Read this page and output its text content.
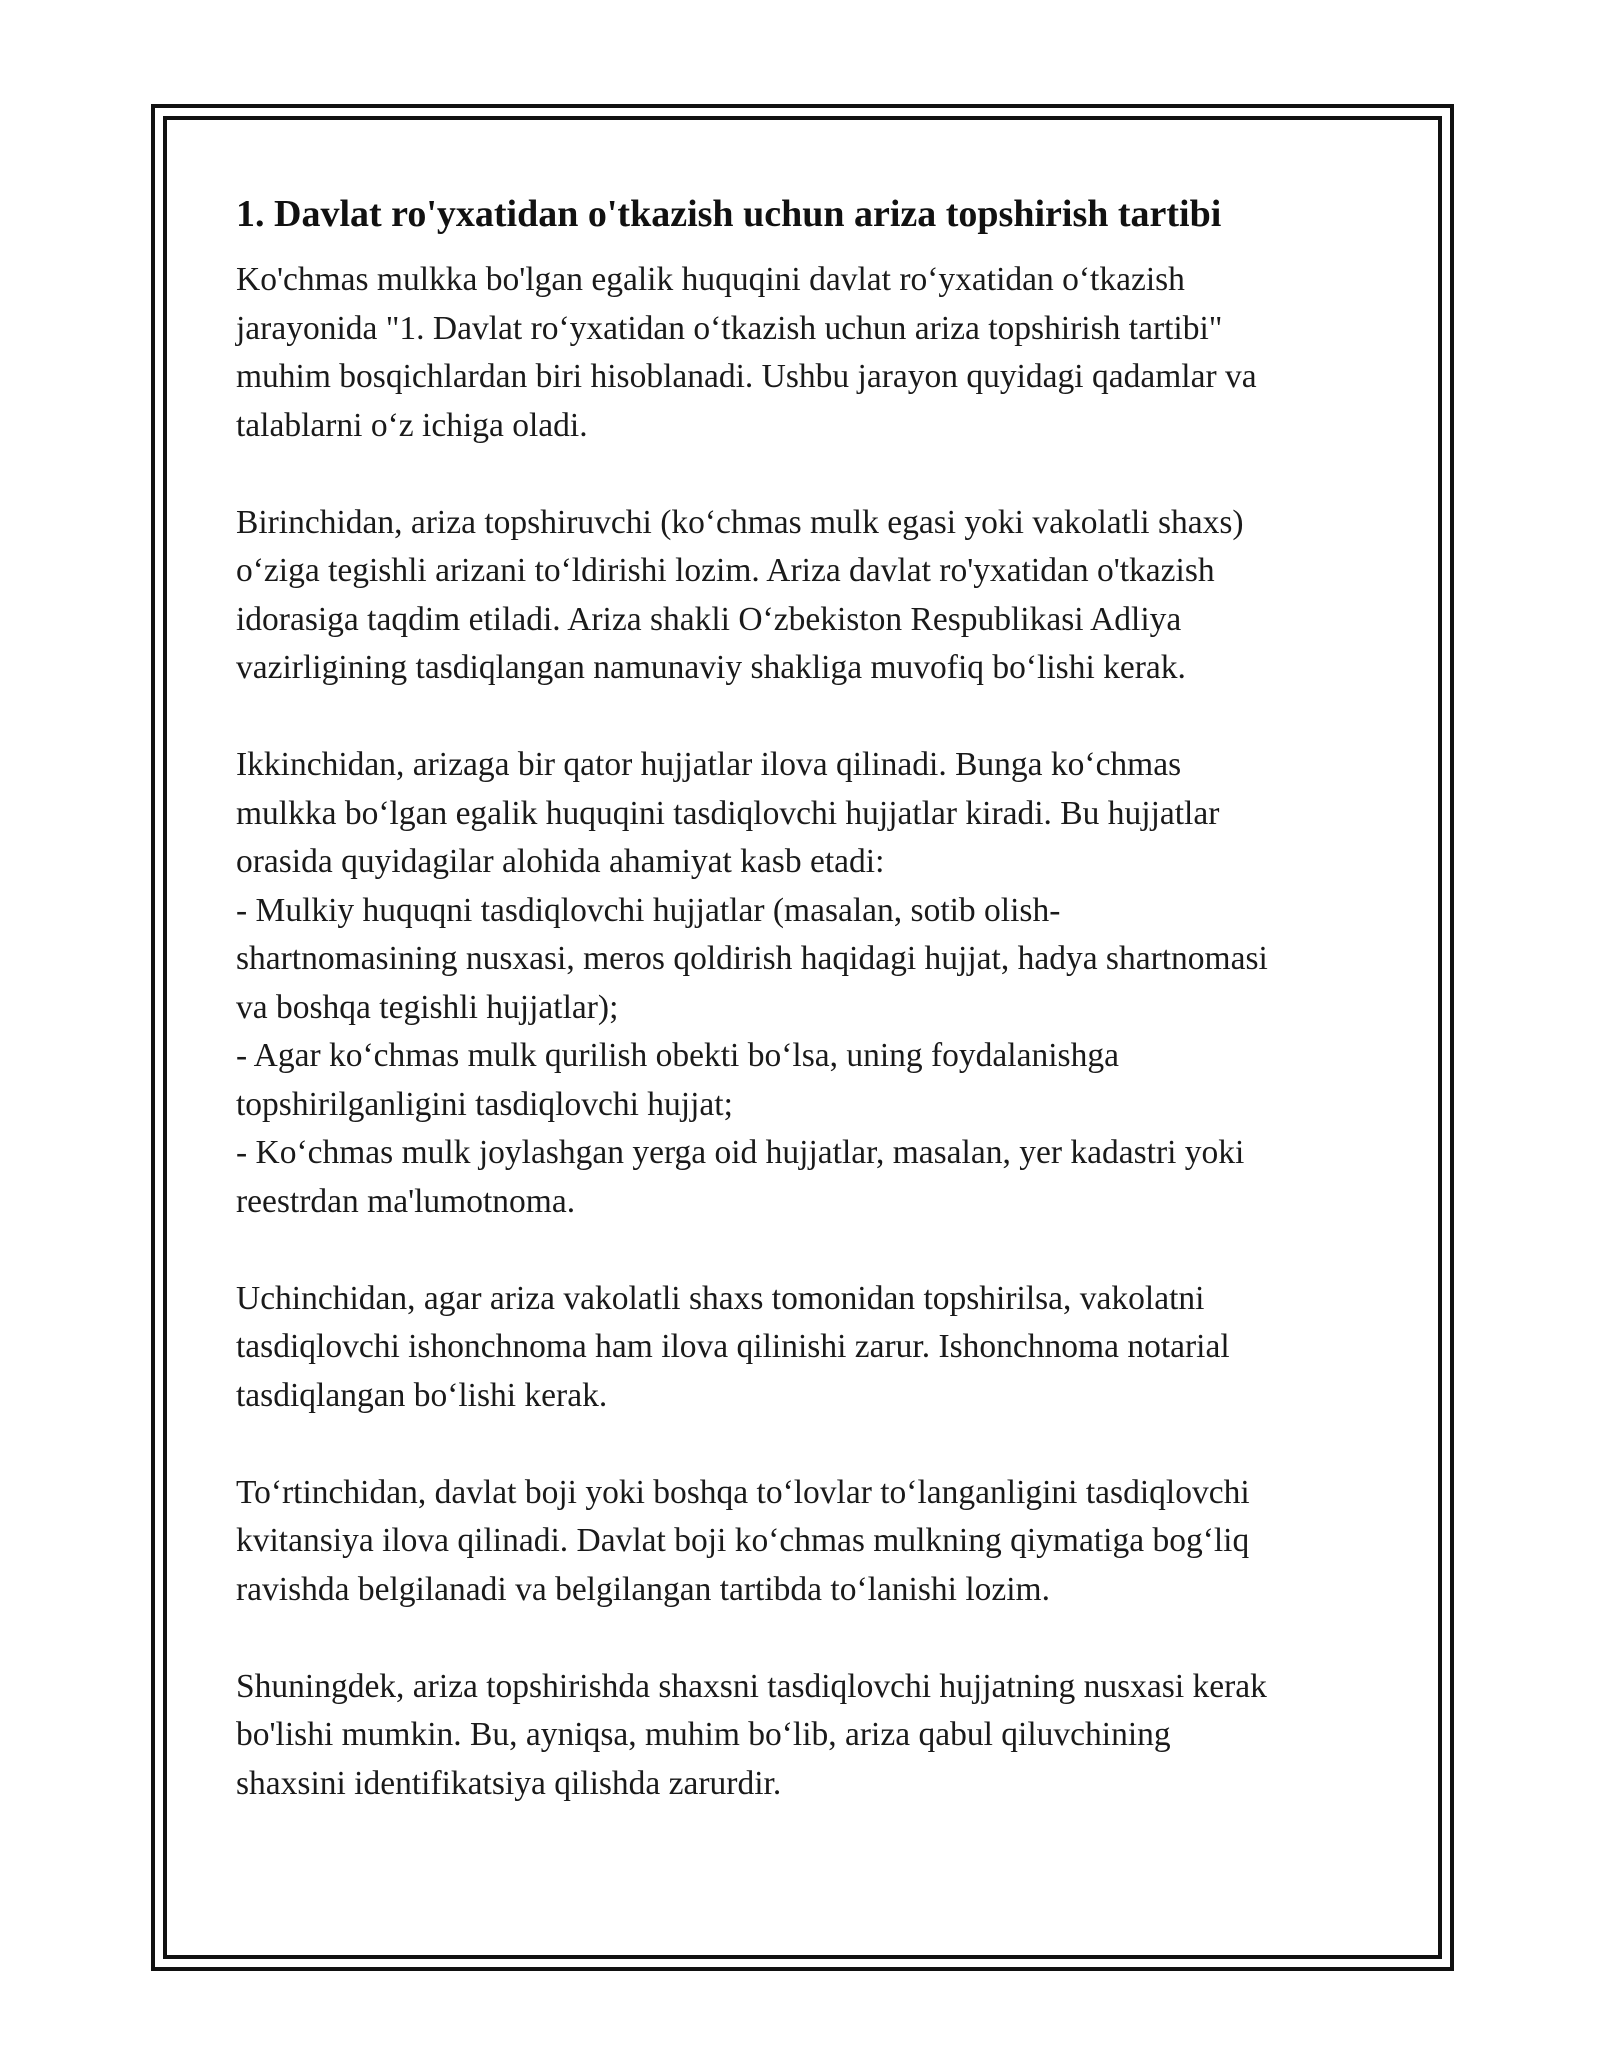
1. Davlat ro'yxatidan o'tkazish uchun ariza topshirish tartibi

Ko'chmas mulkka bo'lgan egalik huquqini davlat ro‘yxatidan o‘tkazish
jarayonida "1. Davlat ro‘yxatidan o‘tkazish uchun ariza topshirish tartibi"
muhim bosqichlardan biri hisoblanadi. Ushbu jarayon quyidagi qadamlar va
talablarni o‘z ichiga oladi.

Birinchidan, ariza topshiruvchi (ko‘chmas mulk egasi yoki vakolatli shaxs)
o‘ziga tegishli arizani to‘ldirishi lozim. Ariza davlat ro'yxatidan o'tkazish
idorasiga taqdim etiladi. Ariza shakli O‘zbekiston Respublikasi Adliya
vazirligining tasdiqlangan namunaviy shakliga muvofiq bo‘lishi kerak.

Ikkinchidan, arizaga bir qator hujjatlar ilova qilinadi. Bunga ko‘chmas
mulkka bo‘lgan egalik huquqini tasdiqlovchi hujjatlar kiradi. Bu hujjatlar
orasida quyidagilar alohida ahamiyat kasb etadi:
- Mulkiy huquqni tasdiqlovchi hujjatlar (masalan, sotib olish-
shartnomasining nusxasi, meros qoldirish haqidagi hujjat, hadya shartnomasi
va boshqa tegishli hujjatlar);
- Agar ko‘chmas mulk qurilish obekti bo‘lsa, uning foydalanishga
topshirilganligini tasdiqlovchi hujjat;
- Ko‘chmas mulk joylashgan yerga oid hujjatlar, masalan, yer kadastri yoki
reestrdan ma'lumotnoma.

Uchinchidan, agar ariza vakolatli shaxs tomonidan topshirilsa, vakolatni
tasdiqlovchi ishonchnoma ham ilova qilinishi zarur. Ishonchnoma notarial
tasdiqlangan bo‘lishi kerak.

To‘rtinchidan, davlat boji yoki boshqa to‘lovlar to‘langanligini tasdiqlovchi
kvitansiya ilova qilinadi. Davlat boji ko‘chmas mulkning qiymatiga bog‘liq
ravishda belgilanadi va belgilangan tartibda to‘lanishi lozim.

Shuningdek, ariza topshirishda shaxsni tasdiqlovchi hujjatning nusxasi kerak
bo'lishi mumkin. Bu, ayniqsa, muhim bo‘lib, ariza qabul qiluvchining
shaxsini identifikatsiya qilishda zarurdir.
